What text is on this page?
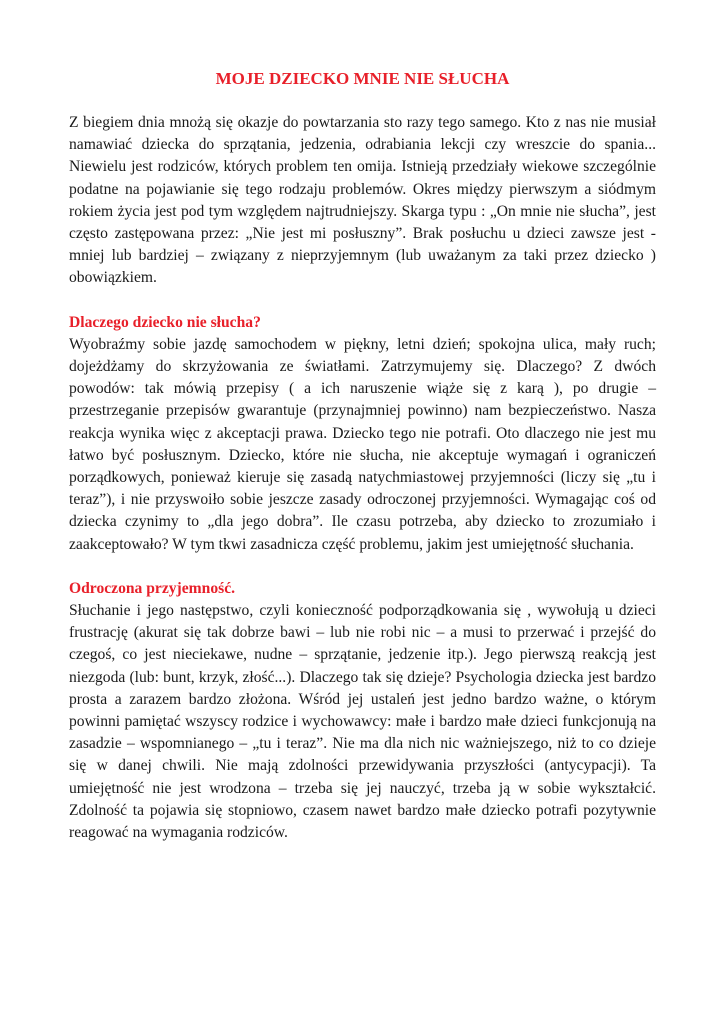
MOJE DZIECKO MNIE NIE SŁUCHA

Z biegiem dnia mnożą się okazje do powtarzania sto razy tego samego. Kto z nas nie musiał namawiać dziecka do sprzątania, jedzenia, odrabiania lekcji czy wreszcie do spania... Niewielu jest rodziców, których problem ten omija. Istnieją przedziały wiekowe szczególnie podatne na pojawianie się tego rodzaju problemów. Okres między pierwszym a siódmym rokiem życia jest pod tym względem najtrudniejszy. Skarga typu : „On mnie nie słucha”, jest często zastępowana przez: „Nie jest mi posłuszny”. Brak posłuchu u dzieci zawsze jest - mniej lub bardziej – związany z nieprzyjemnym (lub uważanym za taki przez dziecko ) obowiązkiem.

Dlaczego dziecko nie słucha?

Wyobraźmy sobie jazdę samochodem w piękny, letni dzień; spokojna ulica, mały ruch; dojeżdżamy do skrzyżowania ze światłami. Zatrzymujemy się. Dlaczego? Z dwóch powodów: tak mówią przepisy ( a ich naruszenie wiąże się z karą ), po drugie – przestrzeganie przepisów gwarantuje (przynajmniej powinno) nam bezpieczeństwo. Nasza reakcja wynika więc z akceptacji prawa. Dziecko tego nie potrafi. Oto dlaczego nie jest mu łatwo być posłusznym. Dziecko, które nie słucha, nie akceptuje wymagań i ograniczeń porządkowych, ponieważ kieruje się zasadą natychmiastowej przyjemności (liczy się „tu i teraz”), i nie przyswoiło sobie jeszcze zasady odroczonej przyjemności. Wymagając coś od dziecka czynimy to „dla jego dobra”. Ile czasu potrzeba, aby dziecko to zrozumiało i zaakceptowało? W tym tkwi zasadnicza część problemu, jakim jest umiejętność słuchania.

Odroczona przyjemność.

Słuchanie i jego następstwo, czyli konieczność podporządkowania się , wywołują u dzieci frustrację (akurat się tak dobrze bawi – lub nie robi nic – a musi to przerwać i przejść do czegoś, co jest nieciekawe, nudne – sprzątanie, jedzenie itp.). Jego pierwszą reakcją jest niezgoda (lub: bunt, krzyk, złość...). Dlaczego tak się dzieje? Psychologia dziecka jest bardzo prosta a zarazem bardzo złożona. Wśród jej ustaleń jest jedno bardzo ważne, o którym powinni pamiętać wszyscy rodzice i wychowawcy: małe i bardzo małe dzieci funkcjonują na zasadzie – wspomnianego – „tu i teraz”. Nie ma dla nich nic ważniejszego, niż to co dzieje się w danej chwili. Nie mają zdolności przewidywania przyszłości (antycypacji). Ta umiejętność nie jest wrodzona – trzeba się jej nauczyć, trzeba ją w sobie wykształcić. Zdolność ta pojawia się stopniowo, czasem nawet bardzo małe dziecko potrafi pozytywnie reagować na wymagania rodziców.
